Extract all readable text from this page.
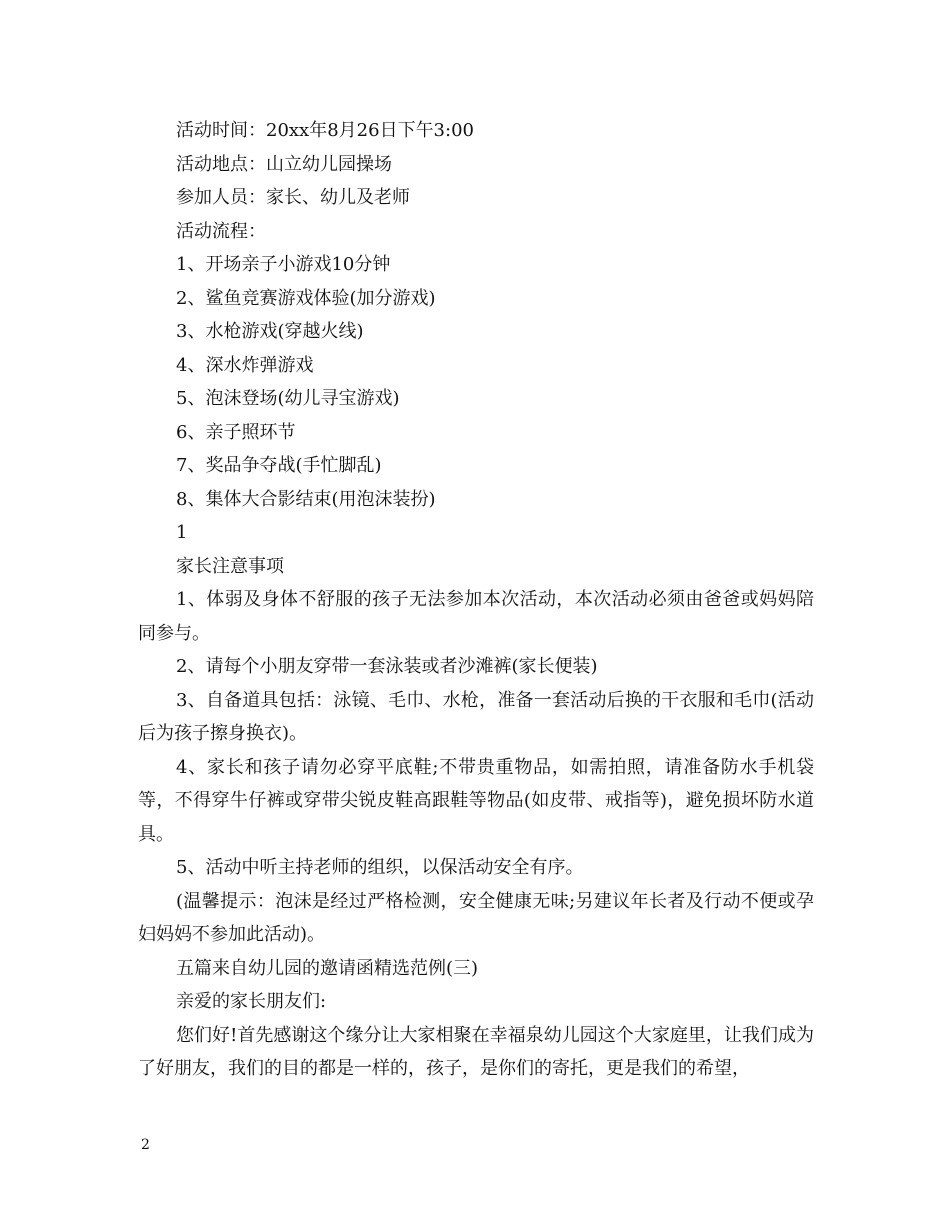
活动时间：20xx年8月26日下午3:00
活动地点：山立幼儿园操场
参加人员：家长、幼儿及老师
活动流程：
1、开场亲子小游戏10分钟
2、鲨鱼竞赛游戏体验(加分游戏)
3、水枪游戏(穿越火线)
4、深水炸弹游戏
5、泡沫登场(幼儿寻宝游戏)
6、亲子照环节
7、奖品争夺战(手忙脚乱)
8、集体大合影结束(用泡沫装扮)
1
家长注意事项
1、体弱及身体不舒服的孩子无法参加本次活动，本次活动必须由爸爸或妈妈陪同参与。
2、请每个小朋友穿带一套泳装或者沙滩裤(家长便装)
3、自备道具包括：泳镜、毛巾、水枪，准备一套活动后换的干衣服和毛巾(活动后为孩子擦身换衣)。
4、家长和孩子请勿必穿平底鞋;不带贵重物品，如需拍照，请准备防水手机袋等，不得穿牛仔裤或穿带尖锐皮鞋高跟鞋等物品(如皮带、戒指等)，避免损坏防水道具。
5、活动中听主持老师的组织，以保活动安全有序。
(温馨提示：泡沫是经过严格检测，安全健康无味;另建议年长者及行动不便或孕妇妈妈不参加此活动)。
五篇来自幼儿园的邀请函精选范例(三)
亲爱的家长朋友们:
您们好!首先感谢这个缘分让大家相聚在幸福泉幼儿园这个大家庭里，让我们成为了好朋友，我们的目的都是一样的，孩子，是你们的寄托，更是我们的希望，
2
